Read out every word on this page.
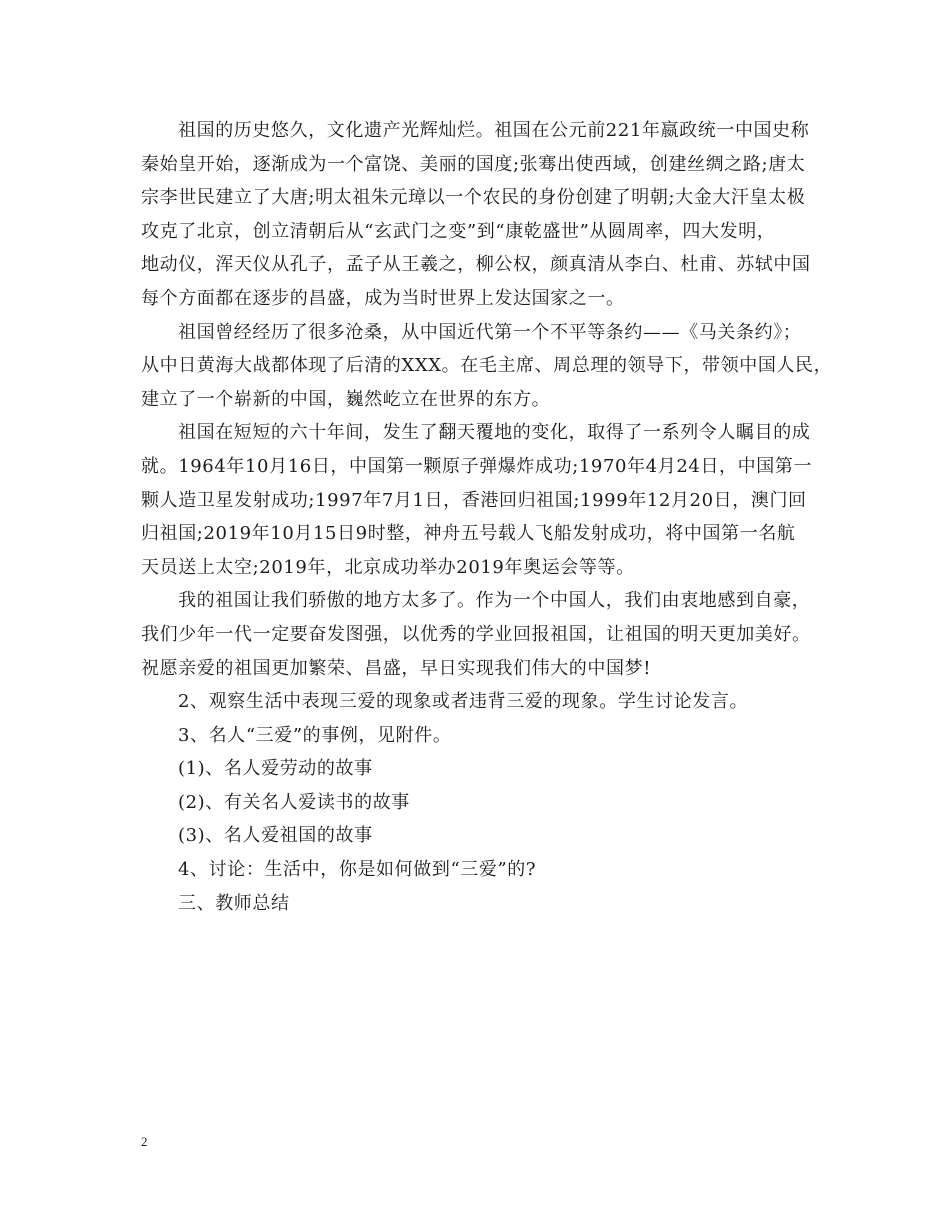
祖国的历史悠久，文化遗产光辉灿烂。祖国在公元前221年嬴政统一中国史称
秦始皇开始，逐渐成为一个富饶、美丽的国度;张骞出使西域，创建丝绸之路;唐太
宗李世民建立了大唐;明太祖朱元璋以一个农民的身份创建了明朝;大金大汗皇太极
攻克了北京，创立清朝后从“玄武门之变”到“康乾盛世”从圆周率，四大发明，
地动仪，浑天仪从孔子，孟子从王羲之，柳公权，颜真清从李白、杜甫、苏轼中国
每个方面都在逐步的昌盛，成为当时世界上发达国家之一。

祖国曾经经历了很多沧桑，从中国近代第一个不平等条约——《马关条约》；
从中日黄海大战都体现了后清的XXX。在毛主席、周总理的领导下，带领中国人民，
建立了一个崭新的中国，巍然屹立在世界的东方。

祖国在短短的六十年间，发生了翻天覆地的变化，取得了一系列令人瞩目的成
就。1964年10月16日，中国第一颗原子弹爆炸成功;1970年4月24日，中国第一
颗人造卫星发射成功;1997年7月1日，香港回归祖国;1999年12月20日，澳门回
归祖国;2019年10月15日9时整，神舟五号载人飞船发射成功，将中国第一名航
天员送上太空;2019年，北京成功举办2019年奥运会等等。

我的祖国让我们骄傲的地方太多了。作为一个中国人，我们由衷地感到自豪，
我们少年一代一定要奋发图强，以优秀的学业回报祖国，让祖国的明天更加美好。
祝愿亲爱的祖国更加繁荣、昌盛，早日实现我们伟大的中国梦!

2、观察生活中表现三爱的现象或者违背三爱的现象。学生讨论发言。

3、名人“三爱”的事例，见附件。

(1)、名人爱劳动的故事

(2)、有关名人爱读书的故事

(3)、名人爱祖国的故事

4、讨论：生活中，你是如何做到“三爱”的?

三、教师总结

2
